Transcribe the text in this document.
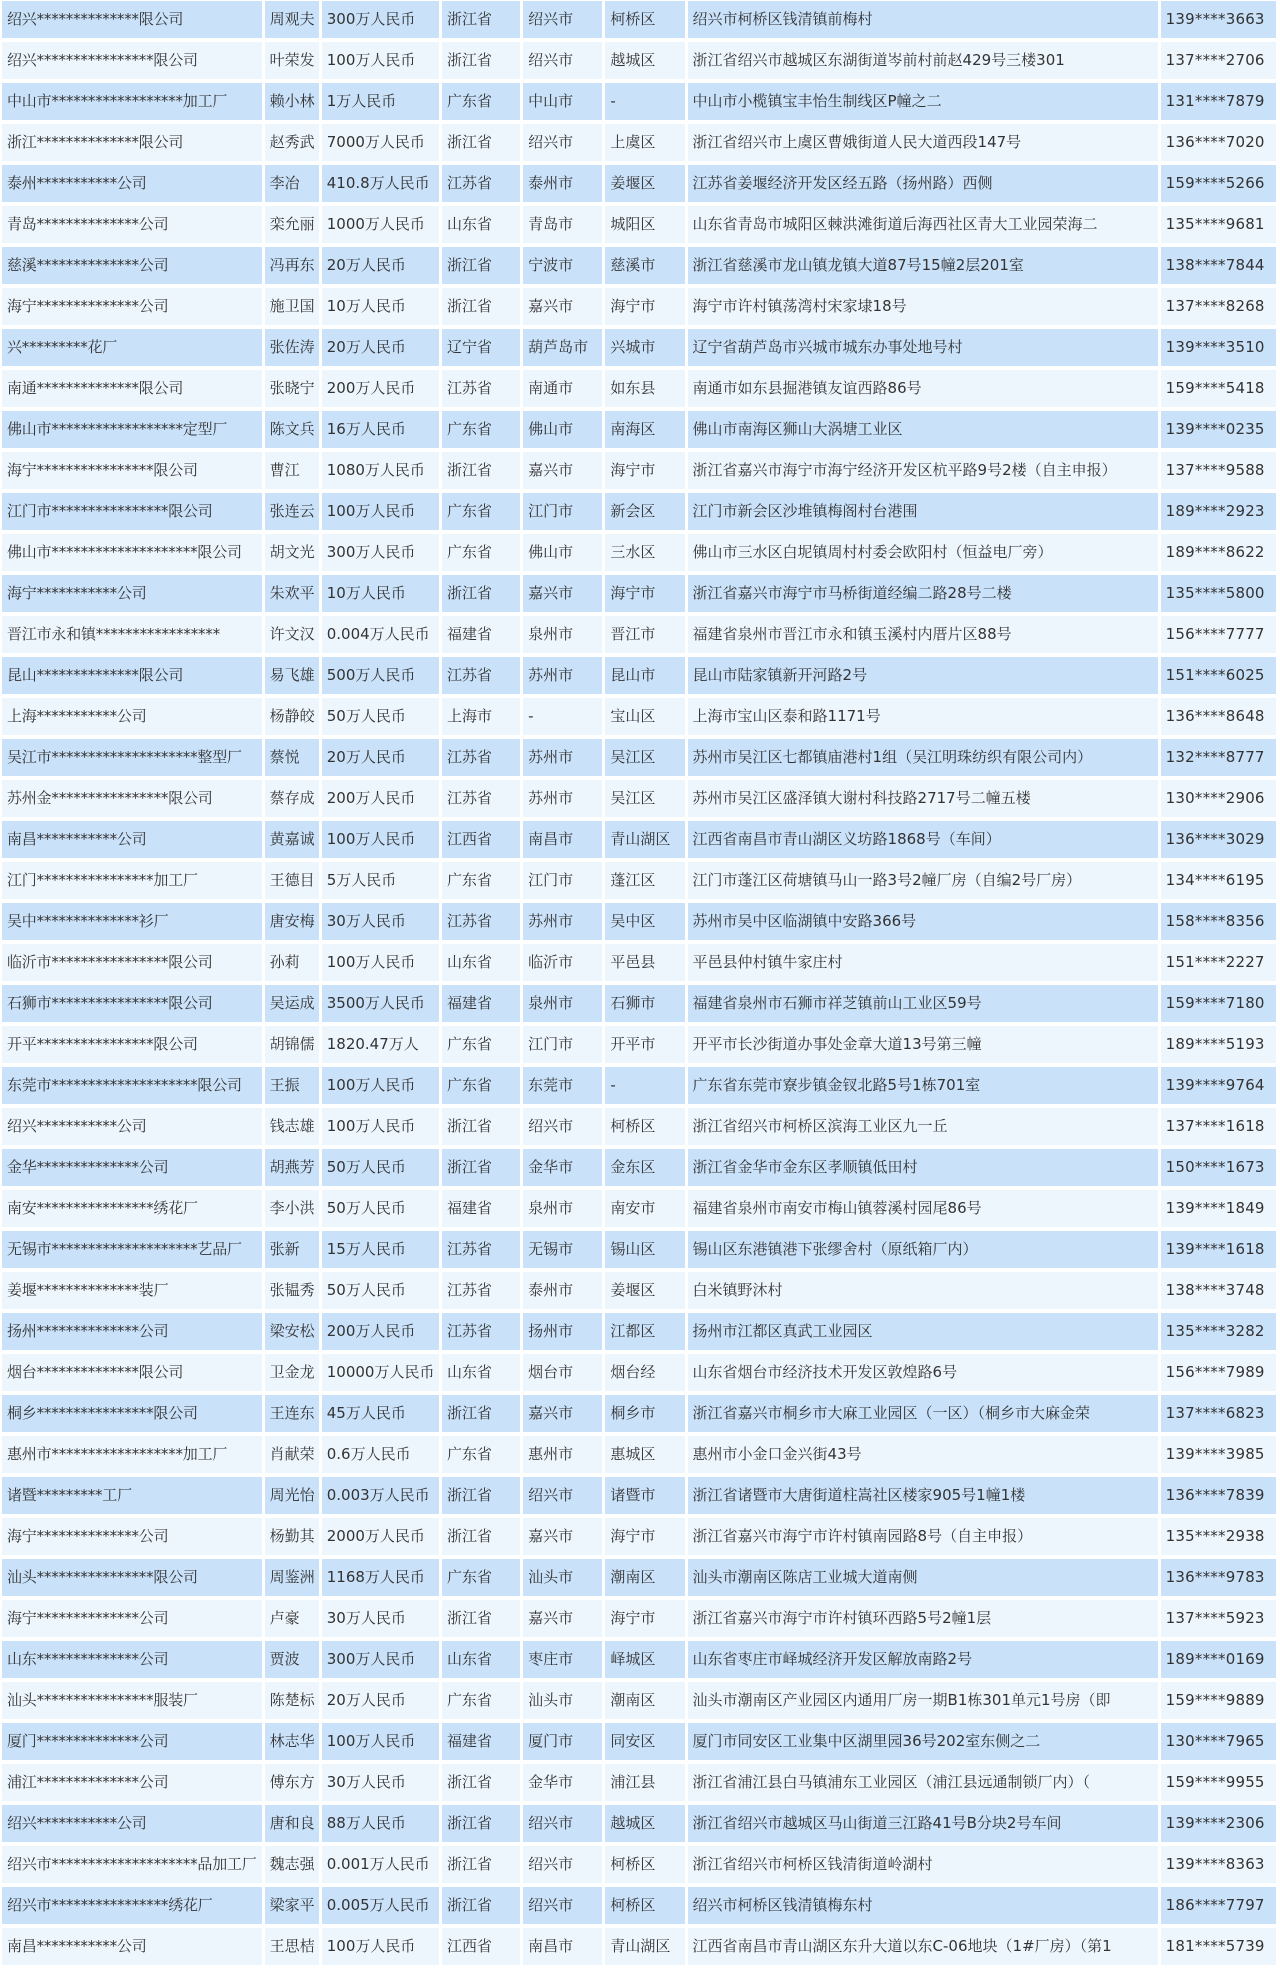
绍兴**************限公司	周观夫	300万人民币	浙江省	绍兴市	柯桥区	绍兴市柯桥区钱清镇前梅村	139****3663
绍兴****************限公司	叶荣发	100万人民币	浙江省	绍兴市	越城区	浙江省绍兴市越城区东湖街道岑前村前赵429号三楼301	137****2706
中山市******************加工厂	赖小林	1万人民币	广东省	中山市	-	中山市小榄镇宝丰怡生制线区P幢之二	131****7879
浙江**************限公司	赵秀武	7000万人民币	浙江省	绍兴市	上虞区	浙江省绍兴市上虞区曹娥街道人民大道西段147号	136****7020
泰州***********公司	李冶	410.8万人民币	江苏省	泰州市	姜堰区	江苏省姜堰经济开发区经五路（扬州路）西侧	159****5266
青岛**************公司	栾允丽	1000万人民币	山东省	青岛市	城阳区	山东省青岛市城阳区棘洪滩街道后海西社区青大工业园荣海二	135****9681
慈溪**************公司	冯再东	20万人民币	浙江省	宁波市	慈溪市	浙江省慈溪市龙山镇龙镇大道87号15幢2层201室	138****7844
海宁**************公司	施卫国	10万人民币	浙江省	嘉兴市	海宁市	海宁市许村镇荡湾村宋家埭18号	137****8268
兴*********花厂	张佐涛	20万人民币	辽宁省	葫芦岛市	兴城市	辽宁省葫芦岛市兴城市城东办事处地号村	139****3510
南通**************限公司	张晓宁	200万人民币	江苏省	南通市	如东县	南通市如东县掘港镇友谊西路86号	159****5418
佛山市******************定型厂	陈文兵	16万人民币	广东省	佛山市	南海区	佛山市南海区狮山大涡塘工业区	139****0235
海宁****************限公司	曹江	1080万人民币	浙江省	嘉兴市	海宁市	浙江省嘉兴市海宁市海宁经济开发区杭平路9号2楼（自主申报）	137****9588
江门市****************限公司	张连云	100万人民币	广东省	江门市	新会区	江门市新会区沙堆镇梅阁村台港围	189****2923
佛山市********************限公司	胡文光	300万人民币	广东省	佛山市	三水区	佛山市三水区白坭镇周村村委会欧阳村（恒益电厂旁）	189****8622
海宁***********公司	朱欢平	10万人民币	浙江省	嘉兴市	海宁市	浙江省嘉兴市海宁市马桥街道经编二路28号二楼	135****5800
晋江市永和镇*****************	许文汉	0.004万人民币	福建省	泉州市	晋江市	福建省泉州市晋江市永和镇玉溪村内厝片区88号	156****7777
昆山**************限公司	易飞雄	500万人民币	江苏省	苏州市	昆山市	昆山市陆家镇新开河路2号	151****6025
上海***********公司	杨静皎	50万人民币	上海市	-	宝山区	上海市宝山区泰和路1171号	136****8648
吴江市********************整型厂	蔡悦	20万人民币	江苏省	苏州市	吴江区	苏州市吴江区七都镇庙港村1组（吴江明珠纺织有限公司内）	132****8777
苏州金****************限公司	蔡存成	200万人民币	江苏省	苏州市	吴江区	苏州市吴江区盛泽镇大谢村科技路2717号二幢五楼	130****2906
南昌***********公司	黄嘉诚	100万人民币	江西省	南昌市	青山湖区	江西省南昌市青山湖区义坊路1868号（车间）	136****3029
江门****************加工厂	王德目	5万人民币	广东省	江门市	蓬江区	江门市蓬江区荷塘镇马山一路3号2幢厂房（自编2号厂房）	134****6195
吴中**************衫厂	唐安梅	30万人民币	江苏省	苏州市	吴中区	苏州市吴中区临湖镇中安路366号	158****8356
临沂市****************限公司	孙莉	100万人民币	山东省	临沂市	平邑县	平邑县仲村镇牛家庄村	151****2227
石狮市****************限公司	吴运成	3500万人民币	福建省	泉州市	石狮市	福建省泉州市石狮市祥芝镇前山工业区59号	159****7180
开平****************限公司	胡锦儒	1820.47万人	广东省	江门市	开平市	开平市长沙街道办事处金章大道13号第三幢	189****5193
东莞市********************限公司	王振	100万人民币	广东省	东莞市	-	广东省东莞市寮步镇金钗北路5号1栋701室	139****9764
绍兴***********公司	钱志雄	100万人民币	浙江省	绍兴市	柯桥区	浙江省绍兴市柯桥区滨海工业区九一丘	137****1618
金华**************公司	胡燕芳	50万人民币	浙江省	金华市	金东区	浙江省金华市金东区孝顺镇低田村	150****1673
南安****************绣花厂	李小洪	50万人民币	福建省	泉州市	南安市	福建省泉州市南安市梅山镇蓉溪村园尾86号	139****1849
无锡市********************艺品厂	张新	15万人民币	江苏省	无锡市	锡山区	锡山区东港镇港下张缪舍村（原纸箱厂内）	139****1618
姜堰**************装厂	张韫秀	50万人民币	江苏省	泰州市	姜堰区	白米镇野沐村	138****3748
扬州**************公司	梁安松	200万人民币	江苏省	扬州市	江都区	扬州市江都区真武工业园区	135****3282
烟台**************限公司	卫金龙	10000万人民币	山东省	烟台市	烟台经	山东省烟台市经济技术开发区敦煌路6号	156****7989
桐乡****************限公司	王连东	45万人民币	浙江省	嘉兴市	桐乡市	浙江省嘉兴市桐乡市大麻工业园区（一区）（桐乡市大麻金荣	137****6823
惠州市******************加工厂	肖献荣	0.6万人民币	广东省	惠州市	惠城区	惠州市小金口金兴街43号	139****3985
诸暨*********工厂	周光怡	0.003万人民币	浙江省	绍兴市	诸暨市	浙江省诸暨市大唐街道柱嵩社区楼家905号1幢1楼	136****7839
海宁**************公司	杨勤其	2000万人民币	浙江省	嘉兴市	海宁市	浙江省嘉兴市海宁市许村镇南园路8号（自主申报）	135****2938
汕头****************限公司	周鉴洲	1168万人民币	广东省	汕头市	潮南区	汕头市潮南区陈店工业城大道南侧	136****9783
海宁**************公司	卢豪	30万人民币	浙江省	嘉兴市	海宁市	浙江省嘉兴市海宁市许村镇环西路5号2幢1层	137****5923
山东**************公司	贾波	300万人民币	山东省	枣庄市	峄城区	山东省枣庄市峄城经济开发区解放南路2号	189****0169
汕头****************服装厂	陈楚标	20万人民币	广东省	汕头市	潮南区	汕头市潮南区产业园区内通用厂房一期B1栋301单元1号房（即	159****9889
厦门**************公司	林志华	100万人民币	福建省	厦门市	同安区	厦门市同安区工业集中区湖里园36号202室东侧之二	130****7965
浦江**************公司	傅东方	30万人民币	浙江省	金华市	浦江县	浙江省浦江县白马镇浦东工业园区（浦江县远通制锁厂内）（	159****9955
绍兴***********公司	唐和良	88万人民币	浙江省	绍兴市	越城区	浙江省绍兴市越城区马山街道三江路41号B分块2号车间	139****2306
绍兴市********************品加工厂	魏志强	0.001万人民币	浙江省	绍兴市	柯桥区	浙江省绍兴市柯桥区钱清街道岭湖村	139****8363
绍兴市****************绣花厂	梁家平	0.005万人民币	浙江省	绍兴市	柯桥区	绍兴市柯桥区钱清镇梅东村	186****7797
南昌***********公司	王思桔	100万人民币	江西省	南昌市	青山湖区	江西省南昌市青山湖区东升大道以东C-06地块（1#厂房）（第1	181****5739
